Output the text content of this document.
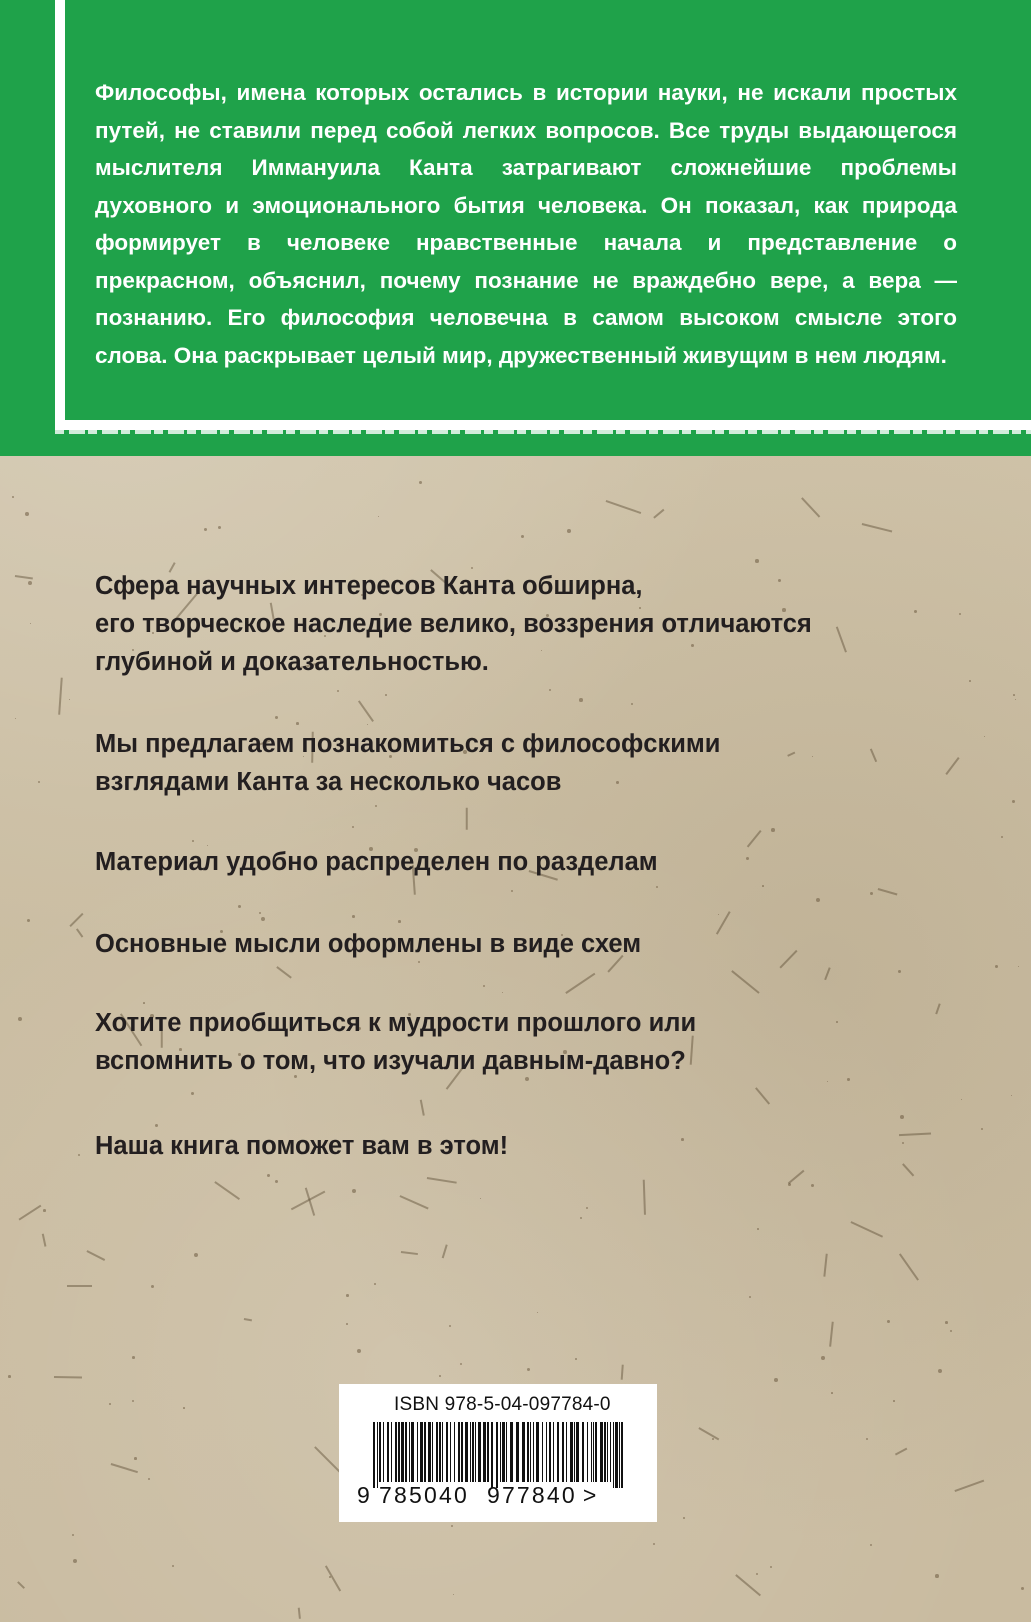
Философы, имена которых остались в истории науки, не искали простых путей, не ставили перед собой легких вопросов. Все труды выдающегося мыслителя Иммануила Канта затрагивают сложнейшие проблемы духовного и эмоционального бытия человека. Он показал, как природа формирует в человеке нравственные начала и представление о прекрасном, объяснил, почему познание не враждебно вере, а вера — познанию. Его философия человечна в самом высоком смысле этого слова. Она раскрывает целый мир, дружественный живущим в нем людям.

Сфера научных интересов Канта обширна,
его творческое наследие велико, воззрения отличаются
глубиной и доказательностью.
Мы предлагаем познакомиться с философскими
взглядами Канта за несколько часов
Материал удобно распределен по разделам
Основные мысли оформлены в виде схем
Хотите приобщиться к мудрости прошлого или
вспомнить о том, что изучали давным-давно?
Наша книга поможет вам в этом!
ISBN 978-5-04-097784-0
9 785040 977840 >
